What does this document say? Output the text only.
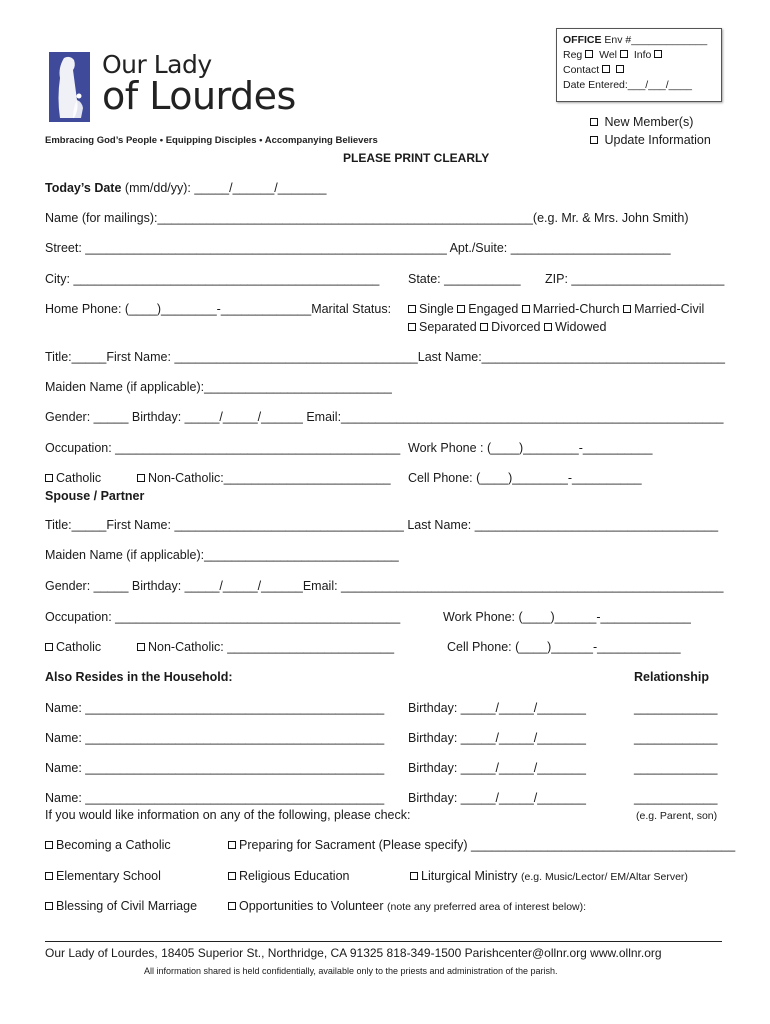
OFFICE Env #_____________
Reg Wel Info
Contact
Date Entered:___/___/____
Our Lady
of Lourdes
Embracing God’s People • Equipping Disciples • Accompanying Believers
New Member(s)
Update Information
PLEASE PRINT CLEARLY
Today’s Date (mm/dd/yy): _____/______/_______
Name (for mailings):______________________________________________________(e.g. Mr. & Mrs. John Smith)
Street: ____________________________________________________ Apt./Suite: _______________________
City: ____________________________________________ State: ___________ ZIP: ______________________
Home Phone: (____)________-_____________Marital Status:	Single Engaged Married-Church Married-Civil
Separated Divorced Widowed
Title:_____First Name: ___________________________________Last Name:___________________________________
Maiden Name (if applicable):___________________________
Gender: _____ Birthday: _____/_____/______ Email:_______________________________________________________
Occupation: _________________________________________ Work Phone : (____)________-__________
Catholic	Non-Catholic:________________________ Cell Phone: (____)________-__________
Spouse / Partner
Title:_____First Name: _________________________________ Last Name: ___________________________________
Maiden Name (if applicable):____________________________
Gender: _____ Birthday: _____/_____/______Email: _______________________________________________________
Occupation: _________________________________________	Work Phone: (____)______-_____________
Catholic	Non-Catholic: ________________________	Cell Phone: (____)______-____________
Also Resides in the Household:	Relationship
Name: ___________________________________________ Birthday: _____/_____/_______	____________
Name: ___________________________________________ Birthday: _____/_____/_______	____________
Name: ___________________________________________ Birthday: _____/_____/_______	____________
Name: ___________________________________________ Birthday: _____/_____/_______	____________
(e.g. Parent, son)
If you would like information on any of the following, please check:
Becoming a Catholic	Preparing for Sacrament (Please specify) ______________________________________
Elementary School	Religious Education	Liturgical Ministry (e.g. Music/Lector/ EM/Altar Server)
Blessing of Civil Marriage	Opportunities to Volunteer (note any preferred area of interest below):
Our Lady of Lourdes, 18405 Superior St., Northridge, CA 91325 818-349-1500 Parishcenter@ollnr.org www.ollnr.org
All information shared is held confidentially, available only to the priests and administration of the parish.
